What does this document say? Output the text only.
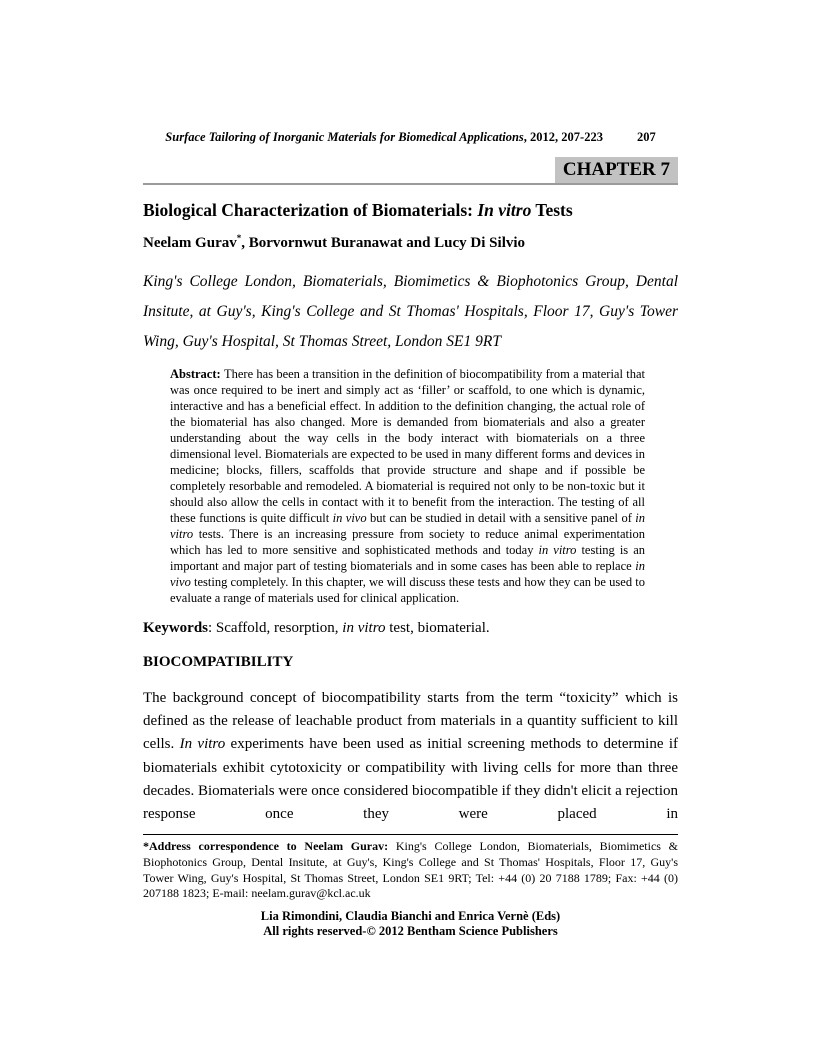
Surface Tailoring of Inorganic Materials for Biomedical Applications, 2012, 207-223	207
CHAPTER 7
Biological Characterization of Biomaterials: In vitro Tests
Neelam Gurav*, Borvornwut Buranawat and Lucy Di Silvio
King's College London, Biomaterials, Biomimetics & Biophotonics Group, Dental Insitute, at Guy's, King's College and St Thomas' Hospitals, Floor 17, Guy's Tower Wing, Guy's Hospital, St Thomas Street, London SE1 9RT
Abstract: There has been a transition in the definition of biocompatibility from a material that was once required to be inert and simply act as ‘filler’ or scaffold, to one which is dynamic, interactive and has a beneficial effect. In addition to the definition changing, the actual role of the biomaterial has also changed. More is demanded from biomaterials and also a greater understanding about the way cells in the body interact with biomaterials on a three dimensional level. Biomaterials are expected to be used in many different forms and devices in medicine; blocks, fillers, scaffolds that provide structure and shape and if possible be completely resorbable and remodeled. A biomaterial is required not only to be non-toxic but it should also allow the cells in contact with it to benefit from the interaction. The testing of all these functions is quite difficult in vivo but can be studied in detail with a sensitive panel of in vitro tests. There is an increasing pressure from society to reduce animal experimentation which has led to more sensitive and sophisticated methods and today in vitro testing is an important and major part of testing biomaterials and in some cases has been able to replace in vivo testing completely. In this chapter, we will discuss these tests and how they can be used to evaluate a range of materials used for clinical application.
Keywords: Scaffold, resorption, in vitro test, biomaterial.
BIOCOMPATIBILITY

The background concept of biocompatibility starts from the term “toxicity” which is defined as the release of leachable product from materials in a quantity sufficient to kill cells. In vitro experiments have been used as initial screening methods to determine if biomaterials exhibit cytotoxicity or compatibility with living cells for more than three decades. Biomaterials were once considered biocompatible if they didn't elicit a rejection response once they were placed in

*Address correspondence to Neelam Gurav: King's College London, Biomaterials, Biomimetics & Biophotonics Group, Dental Insitute, at Guy's, King's College and St Thomas' Hospitals, Floor 17, Guy's Tower Wing, Guy's Hospital, St Thomas Street, London SE1 9RT; Tel: +44 (0) 20 7188 1789; Fax: +44 (0) 207188 1823; E-mail: neelam.gurav@kcl.ac.uk
Lia Rimondini, Claudia Bianchi and Enrica Vernè (Eds)
All rights reserved-© 2012 Bentham Science Publishers
